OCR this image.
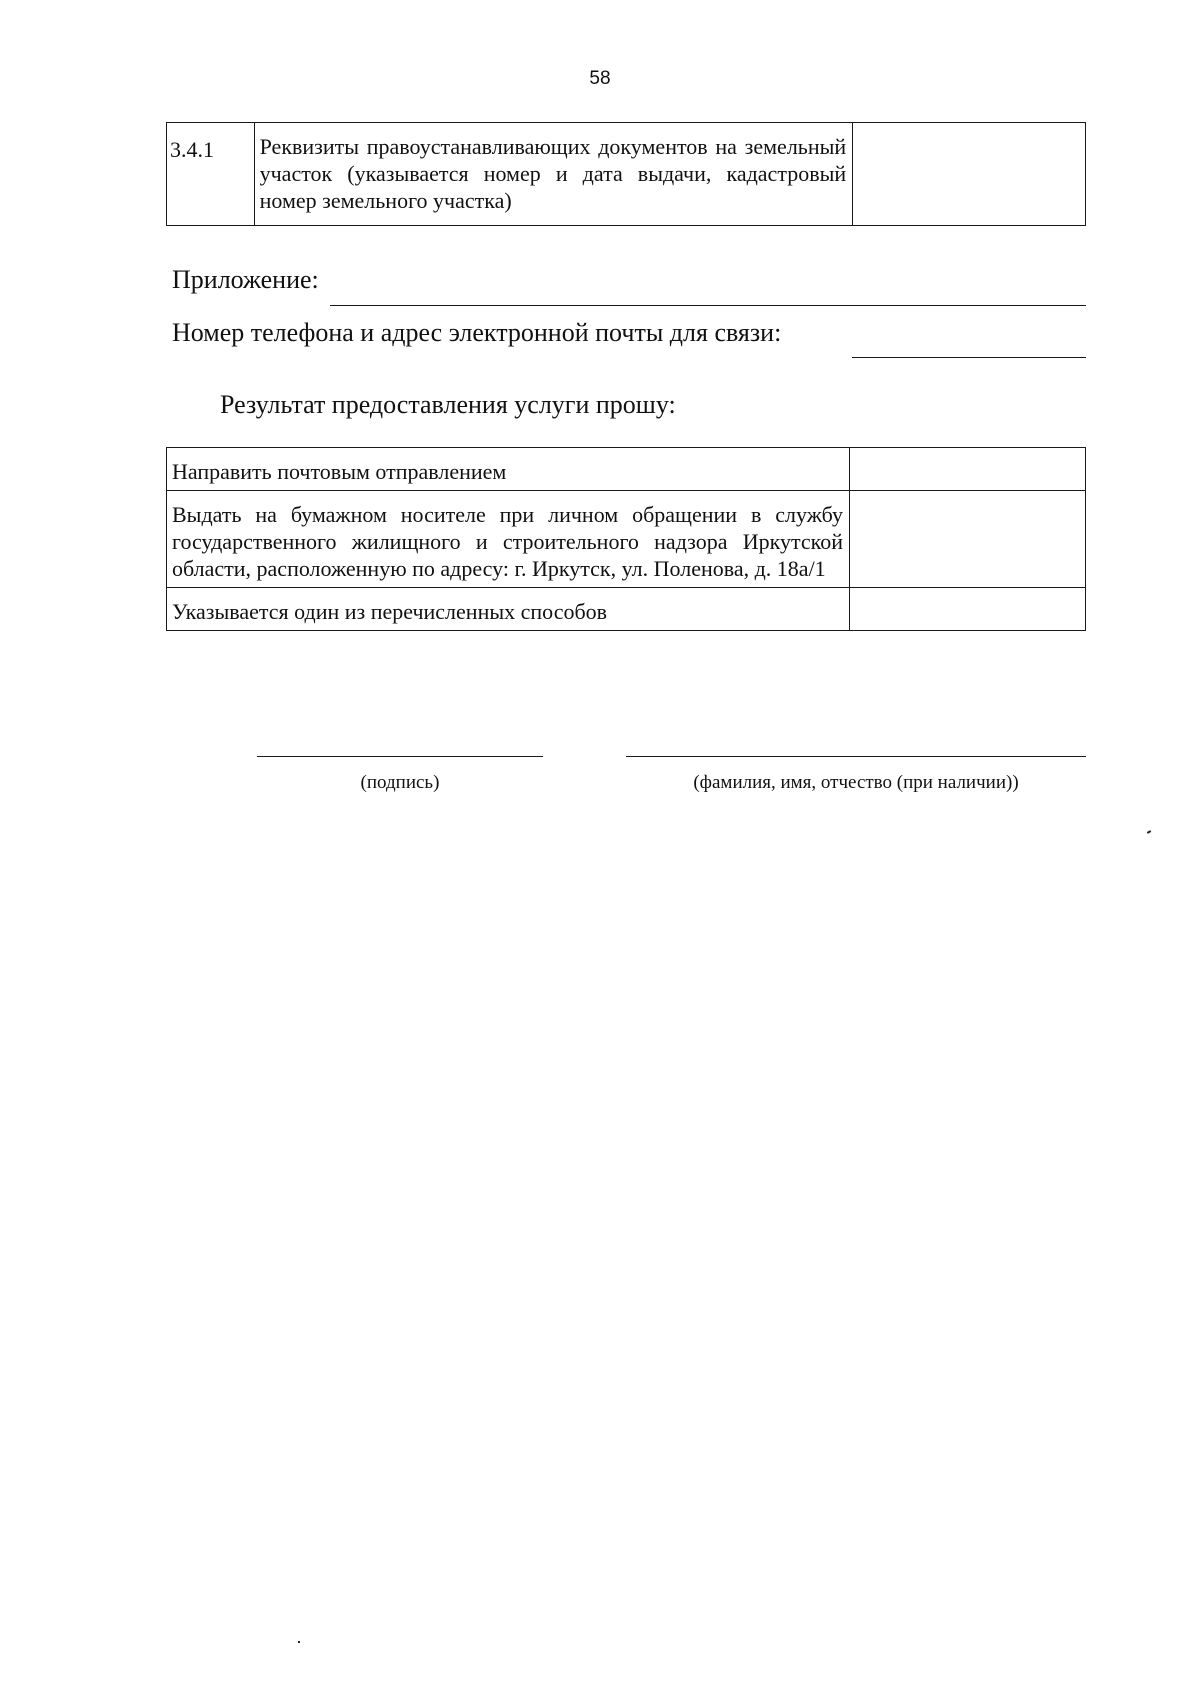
58
3.4.1	Реквизиты правоустанавливающих документов на земельный участок (указывается номер и дата выдачи, кадастровый номер земельного участка)	
Приложение:
Номер телефона и адрес электронной почты для связи:
Результат предоставления услуги прошу:
Направить почтовым отправлением	
Выдать на бумажном носителе при личном обращении в службу государственного жилищного и строительного надзора Иркутской области, расположенную по адресу: г. Иркутск, ул. Поленова, д. 18а/1	
Указывается один из перечисленных способов	
(подпись)	(фамилия, имя, отчество (при наличии))
